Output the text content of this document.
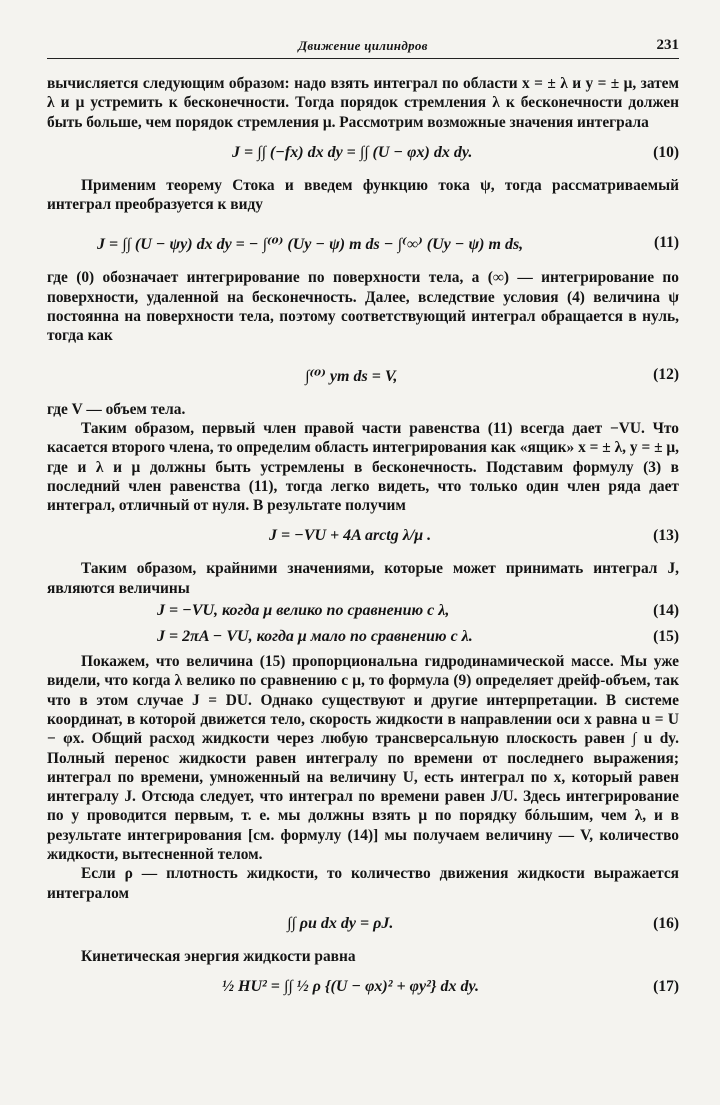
Движение цилиндров	231

вычисляется следующим образом: надо взять интеграл по области x = ± λ и y = ± μ, затем λ и μ устремить к бесконечности. Тогда порядок стремления λ к бесконечности должен быть больше, чем порядок стремления μ. Рассмотрим возможные значения интеграла

J = ∫∫ (−fx) dx dy = ∫∫ (U − φx) dx dy.	(10)

Применим теорему Стока и введем функцию тока ψ, тогда рассматриваемый интеграл преобразуется к виду

J = ∫∫ (U − ψy) dx dy = − ∫⁽⁰⁾ (Uy − ψ) m ds − ∫⁽∞⁾ (Uy − ψ) m ds,	(11)

где (0) обозначает интегрирование по поверхности тела, а (∞) — интегрирование по поверхности, удаленной на бесконечность. Далее, вследствие условия (4) величина ψ постоянна на поверхности тела, поэтому соответствующий интеграл обращается в нуль, тогда как

∫⁽⁰⁾ ym ds = V,	(12)

где V — объем тела.

Таким образом, первый член правой части равенства (11) всегда дает −VU. Что касается второго члена, то определим область интегрирования как «ящик» x = ± λ, y = ± μ, где и λ и μ должны быть устремлены в бесконечность. Подставим формулу (3) в последний член равенства (11), тогда легко видеть, что только один член ряда дает интеграл, отличный от нуля. В результате получим

J = −VU + 4A arctg λ/μ .	(13)

Таким образом, крайними значениями, которые может принимать интеграл J, являются величины

J = −VU, когда μ велико по сравнению с λ,	(14)
J = 2πA − VU, когда μ мало по сравнению с λ.	(15)

Покажем, что величина (15) пропорциональна гидродинамической массе. Мы уже видели, что когда λ велико по сравнению с μ, то формула (9) определяет дрейф-объем, так что в этом случае J = DU. Однако существуют и другие интерпретации. В системе координат, в которой движется тело, скорость жидкости в направлении оси x равна u = U − φx. Общий расход жидкости через любую трансверсальную плоскость равен ∫ u dy. Полный перенос жидкости равен интегралу по времени от последнего выражения; интеграл по времени, умноженный на величину U, есть интеграл по x, который равен интегралу J. Отсюда следует, что интеграл по времени равен J/U. Здесь интегрирование по y проводится первым, т. е. мы должны взять μ по порядку бóльшим, чем λ, и в результате интегрирования [см. формулу (14)] мы получаем величину — V, количество жидкости, вытесненной телом.

Если ρ — плотность жидкости, то количество движения жидкости выражается интегралом

∫∫ ρu dx dy = ρJ.	(16)

Кинетическая энергия жидкости равна

½ HU² = ∫∫ ½ ρ {(U − φx)² + φy²} dx dy.	(17)
